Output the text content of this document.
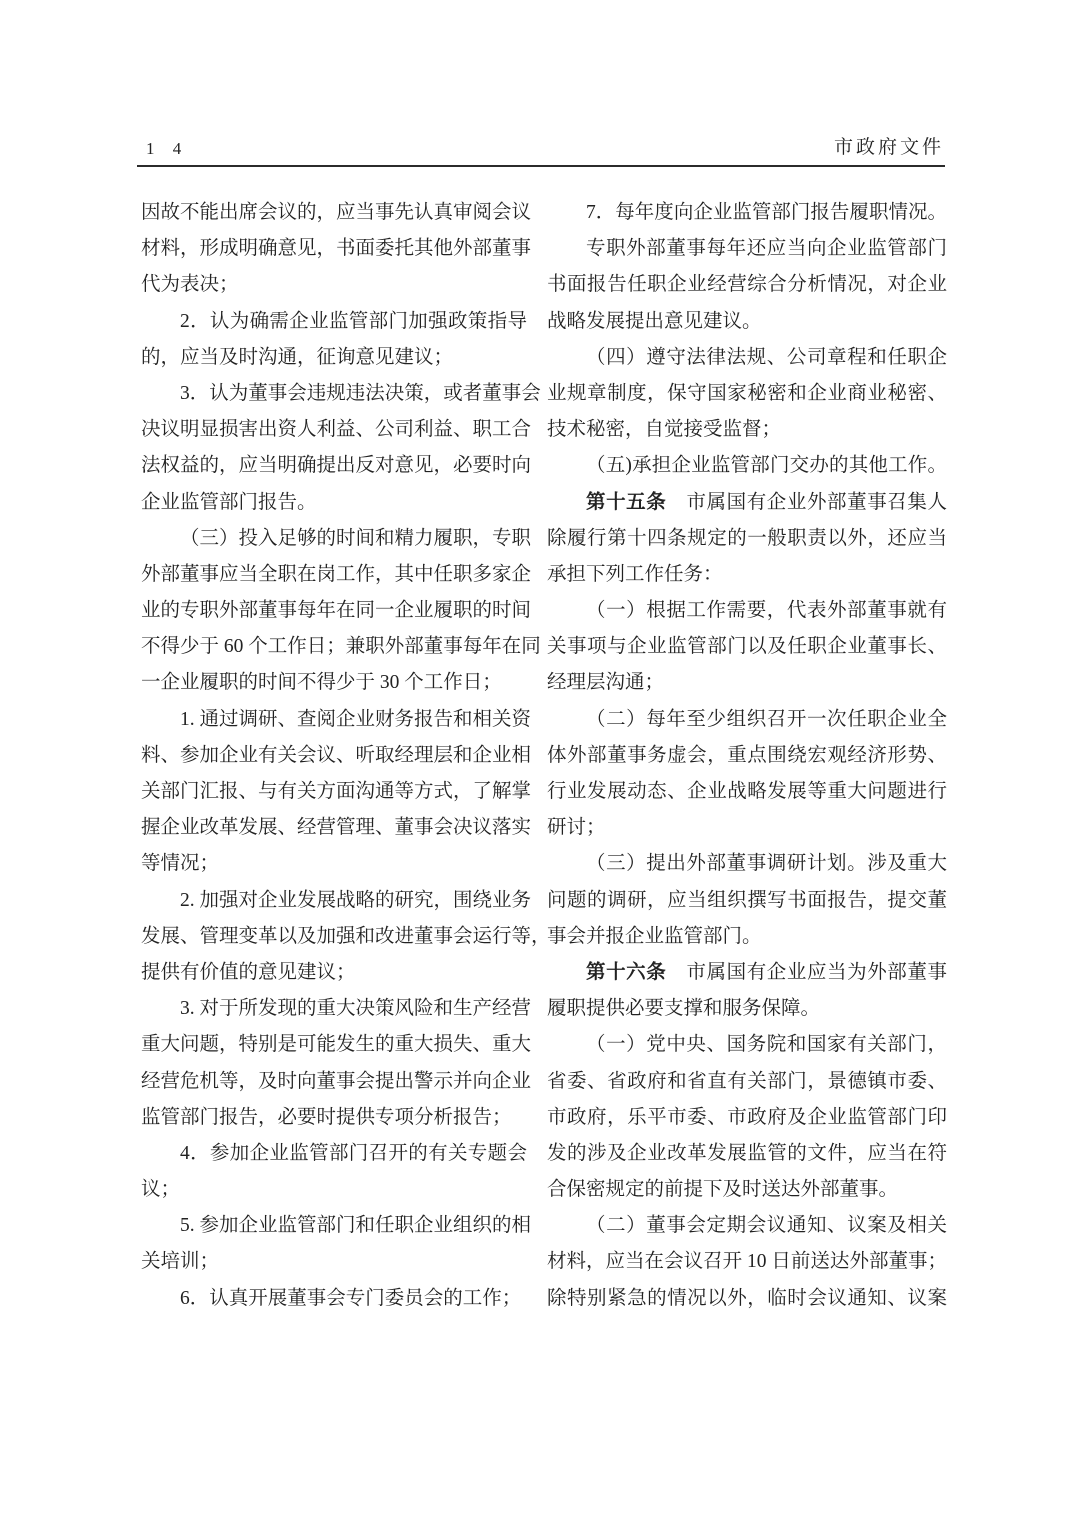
1 4	市政府文件
因故不能出席会议的，应当事先认真审阅会议
材料，形成明确意见，书面委托其他外部董事
代为表决；
2．认为确需企业监管部门加强政策指导
的，应当及时沟通，征询意见建议；
3．认为董事会违规违法决策，或者董事会
决议明显损害出资人利益、公司利益、职工合
法权益的，应当明确提出反对意见，必要时向
企业监管部门报告。
（三）投入足够的时间和精力履职，专职
外部董事应当全职在岗工作，其中任职多家企
业的专职外部董事每年在同一企业履职的时间
不得少于 60 个工作日；兼职外部董事每年在同
一企业履职的时间不得少于 30 个工作日；
1. 通过调研、查阅企业财务报告和相关资
料、参加企业有关会议、听取经理层和企业相
关部门汇报、与有关方面沟通等方式，了解掌
握企业改革发展、经营管理、董事会决议落实
等情况；
2. 加强对企业发展战略的研究，围绕业务
发展、管理变革以及加强和改进董事会运行等，
提供有价值的意见建议；
3. 对于所发现的重大决策风险和生产经营
重大问题，特别是可能发生的重大损失、重大
经营危机等，及时向董事会提出警示并向企业
监管部门报告，必要时提供专项分析报告；
4．参加企业监管部门召开的有关专题会
议；
5. 参加企业监管部门和任职企业组织的相
关培训；
6．认真开展董事会专门委员会的工作；
7．每年度向企业监管部门报告履职情况。
专职外部董事每年还应当向企业监管部门
书面报告任职企业经营综合分析情况，对企业
战略发展提出意见建议。
（四）遵守法律法规、公司章程和任职企
业规章制度，保守国家秘密和企业商业秘密、
技术秘密，自觉接受监督；
（五)承担企业监管部门交办的其他工作。
第十五条　市属国有企业外部董事召集人
除履行第十四条规定的一般职责以外，还应当
承担下列工作任务：
（一）根据工作需要，代表外部董事就有
关事项与企业监管部门以及任职企业董事长、
经理层沟通；
（二）每年至少组织召开一次任职企业全
体外部董事务虚会，重点围绕宏观经济形势、
行业发展动态、企业战略发展等重大问题进行
研讨；
（三）提出外部董事调研计划。涉及重大
问题的调研，应当组织撰写书面报告，提交董
事会并报企业监管部门。
第十六条　市属国有企业应当为外部董事
履职提供必要支撑和服务保障。
（一）党中央、国务院和国家有关部门，
省委、省政府和省直有关部门，景德镇市委、
市政府，乐平市委、市政府及企业监管部门印
发的涉及企业改革发展监管的文件，应当在符
合保密规定的前提下及时送达外部董事。
（二）董事会定期会议通知、议案及相关
材料，应当在会议召开 10 日前送达外部董事；
除特别紧急的情况以外，临时会议通知、议案
